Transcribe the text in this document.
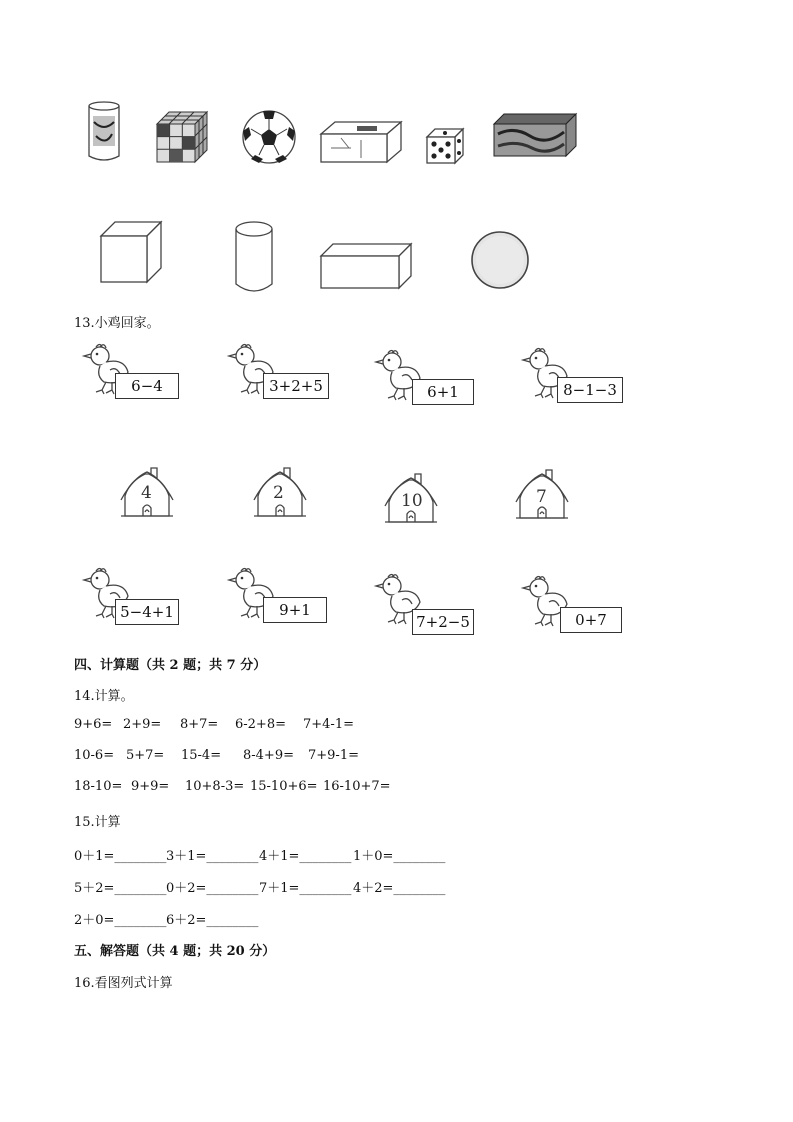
13.小鸡回家。
6−4	3+2+5	6+1	8−1−3
4	2	10	7
5−4+1	9+1
7+2−5	0+7
四、计算题（共 2 题；共 7 分）
14.计算。
9+6= 2+9= 8+7= 6-2+8= 7+4-1=
10-6= 5+7= 15-4= 8-4+9= 7+9-1=
18-10= 9+9= 10+8-3= 15-10+6= 16-10+7=
15.计算
0＋1=________ 3＋1=________ 4＋1=________ 1＋0=________
5＋2=________ 0＋2=________ 7＋1=________ 4＋2=________
2＋0=________ 6＋2=________
五、解答题（共 4 题；共 20 分）
16.看图列式计算
